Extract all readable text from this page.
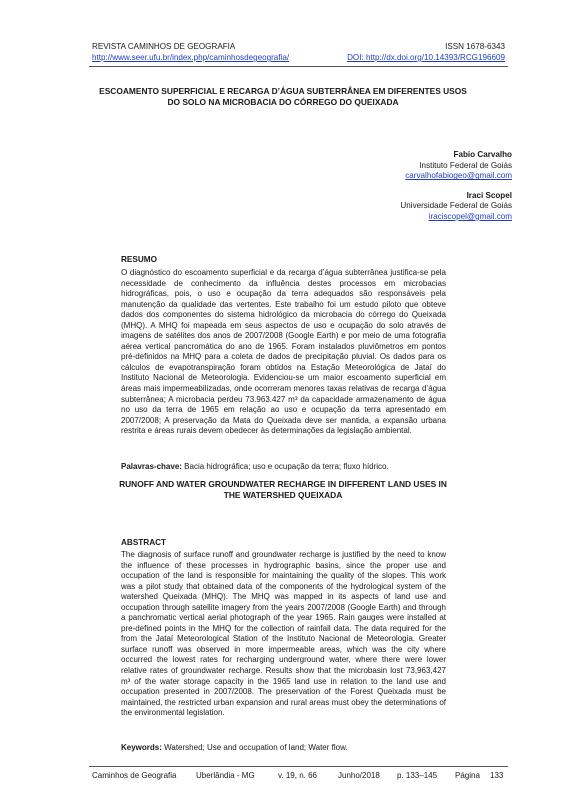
REVISTA CAMINHOS DE GEOGRAFIA
http://www.seer.ufu.br/index.php/caminhosdegeografia/
ISSN 1678-6343
DOI: http://dx.doi.org/10.14393/RCG196609
ESCOAMENTO SUPERFICIAL E RECARGA D’ÁGUA SUBTERRÂNEA EM DIFERENTES USOS
DO SOLO NA MICROBACIA DO CÓRREGO DO QUEIXADA
Fabio Carvalho
Instituto Federal de Goiás
carvalhofabiogeo@gmail.com
Iraci Scopel
Universidade Federal de Goiás
iraciscopel@gmail.com
RESUMO

O diagnóstico do escoamento superficial e da recarga d’água subterrânea justifica-se pela necessidade de conhecimento da influência destes processos em microbacias hidrográficas, pois, o uso e ocupação da terra adequados são responsáveis pela manutenção da qualidade das vertentes. Este trabalho foi um estudo piloto que obteve dados dos componentes do sistema hidrológico da microbacia do córrego do Queixada (MHQ). A MHQ foi mapeada em seus aspectos de uso e ocupação do solo através de imagens de satélites dos anos de 2007/2008 (Google Earth) e por meio de uma fotografia aérea vertical pancromática do ano de 1965. Foram instalados pluviômetros em pontos pré-definidos na MHQ para a coleta de dados de precipitação pluvial. Os dados para os cálculos de evapotranspiração foram obtidos na Estação Meteorológica de Jataí do Instituto Nacional de Meteorologia. Evidenciou-se um maior escoamento superficial em áreas mais impermeabilizadas, onde ocorreram menores taxas relativas de recarga d’água subterrânea; A microbacia perdeu 73.963.427 m³ da capacidade armazenamento de água no uso da terra de 1965 em relação ao uso e ocupação da terra apresentado em 2007/2008; A preservação da Mata do Queixada deve ser mantida, a expansão urbana restrita e áreas rurais devem obedecer às determinações da legislação ambiental.

Palavras-chave: Bacia hidrográfica; uso e ocupação da terra; fluxo hídrico.
RUNOFF AND WATER GROUNDWATER RECHARGE IN DIFFERENT LAND USES IN
THE WATERSHED QUEIXADA
ABSTRACT

The diagnosis of surface runoff and groundwater recharge is justified by the need to know the influence of these processes in hydrographic basins, since the proper use and occupation of the land is responsible for maintaining the quality of the slopes. This work was a pilot study that obtained data of the components of the hydrological system of the watershed Queixada (MHQ). The MHQ was mapped in its aspects of land use and occupation through satellite imagery from the years 2007/2008 (Google Earth) and through a panchromatic vertical aerial photograph of the year 1965. Rain gauges were installed at pre-defined points in the MHQ for the collection of rainfall data. The data required for the from the Jataí Meteorological Station of the Instituto Nacional de Meteorologia. Greater surface runoff was observed in more impermeable areas, which was the city where occurred the lowest rates for recharging underground water, where there were lower relative rates of groundwater recharge. Results show that the microbasin lost 73,963,427 m³ of the water storage capacity in the 1965 land use in relation to the land use and occupation presented in 2007/2008. The preservation of the Forest Queixada must be maintained, the restricted urban expansion and rural areas must obey the determinations of the environmental legislation.

Keywords: Watershed; Use and occupation of land; Water flow.
Caminhos de Geografia Uberlândia - MG	v. 19, n. 66	Junho/2018 p. 133–145 Página 133
